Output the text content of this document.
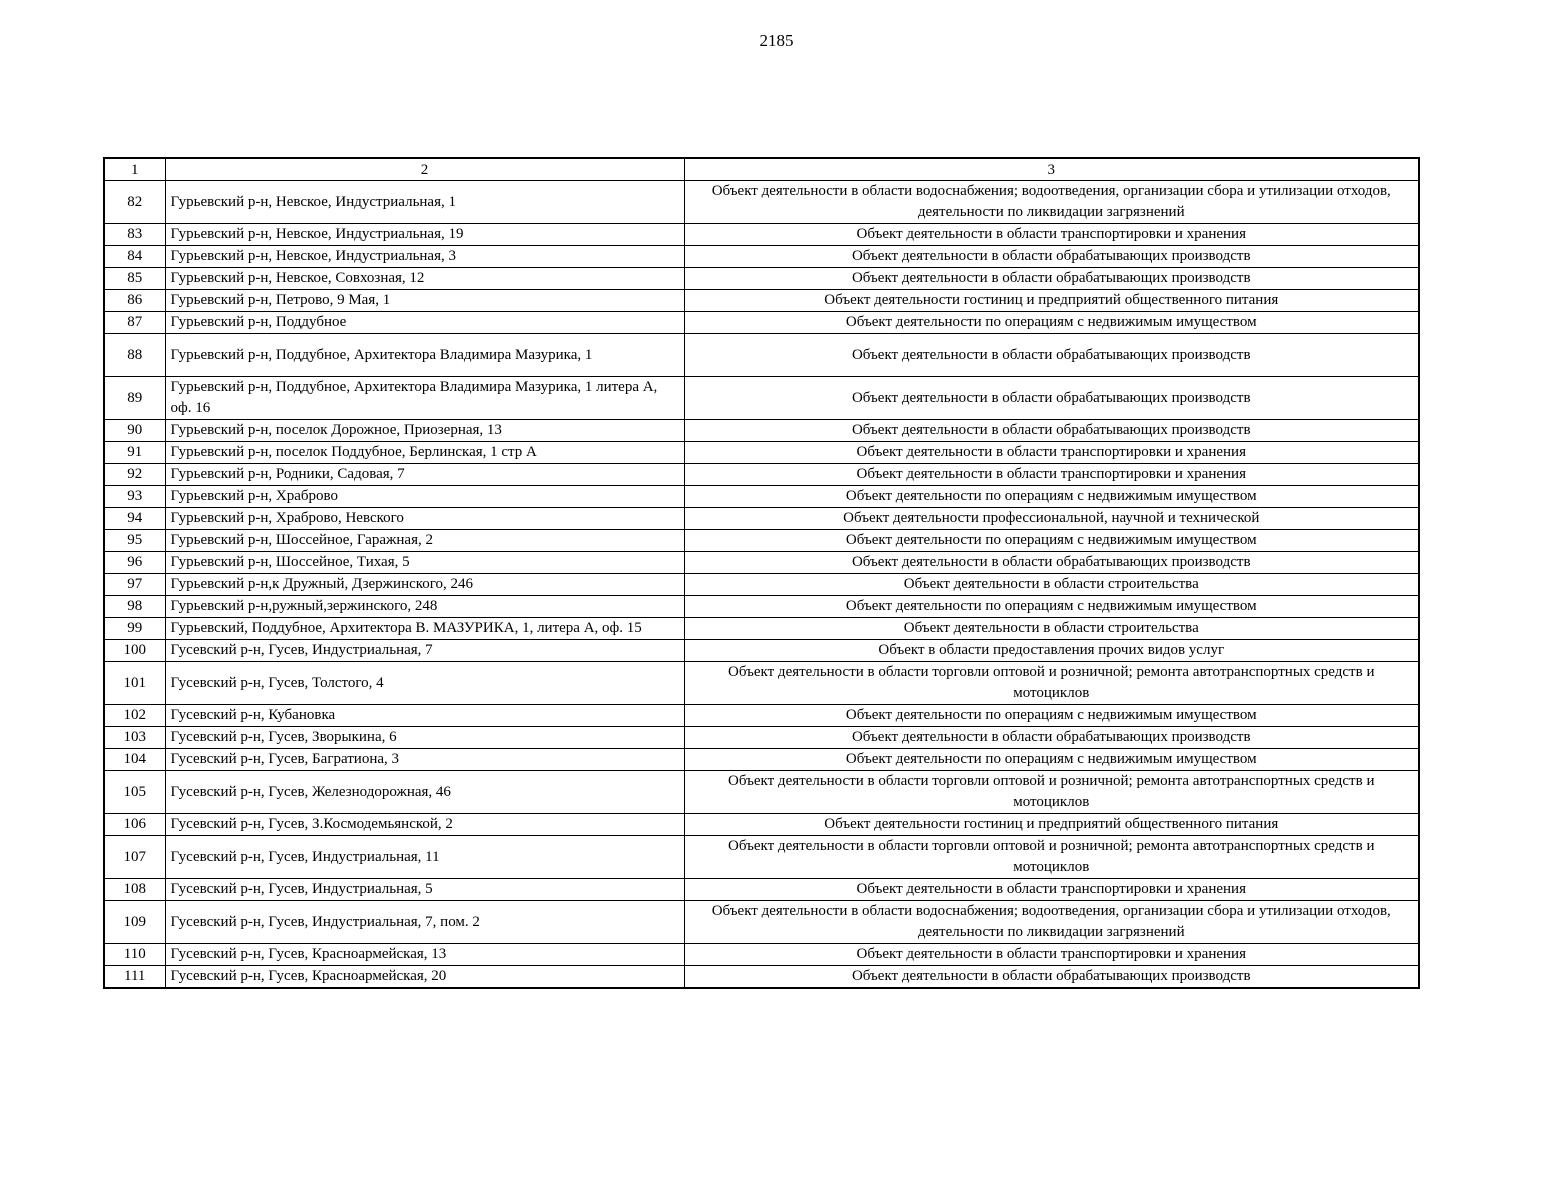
2185
1	2	3
82	Гурьевский р-н, Невское, Индустриальная, 1	Объект деятельности в области водоснабжения; водоотведения, организации сбора и утилизации отходов, деятельности по ликвидации загрязнений
83	Гурьевский р-н, Невское, Индустриальная, 19	Объект деятельности в области транспортировки и хранения
84	Гурьевский р-н, Невское, Индустриальная, 3	Объект деятельности в области обрабатывающих производств
85	Гурьевский р-н, Невское, Совхозная, 12	Объект деятельности в области обрабатывающих производств
86	Гурьевский р-н, Петрово, 9 Мая, 1	Объект деятельности гостиниц и предприятий общественного питания
87	Гурьевский р-н, Поддубное	Объект деятельности по операциям с недвижимым имуществом
88	Гурьевский р-н, Поддубное, Архитектора Владимира Мазурика, 1	Объект деятельности в области обрабатывающих производств
89	Гурьевский р-н, Поддубное, Архитектора Владимира Мазурика, 1 литера А, оф. 16	Объект деятельности в области обрабатывающих производств
90	Гурьевский р-н, поселок Дорожное, Приозерная, 13	Объект деятельности в области обрабатывающих производств
91	Гурьевский р-н, поселок Поддубное, Берлинская, 1 стр А	Объект деятельности в области транспортировки и хранения
92	Гурьевский р-н, Родники, Садовая, 7	Объект деятельности в области транспортировки и хранения
93	Гурьевский р-н, Храброво	Объект деятельности по операциям с недвижимым имуществом
94	Гурьевский р-н, Храброво, Невского	Объект деятельности профессиональной, научной и технической
95	Гурьевский р-н, Шоссейное, Гаражная, 2	Объект деятельности по операциям с недвижимым имуществом
96	Гурьевский р-н, Шоссейное, Тихая, 5	Объект деятельности в области обрабатывающих производств
97	Гурьевский р-н,к Дружный, Дзержинского, 246	Объект деятельности в области строительства
98	Гурьевский р-н,ружный,зержинского, 248	Объект деятельности по операциям с недвижимым имуществом
99	Гурьевский, Поддубное, Архитектора В. МАЗУРИКА, 1, литера А, оф. 15	Объект деятельности в области строительства
100	Гусевский р-н, Гусев, Индустриальная, 7	Объект в области предоставления прочих видов услуг
101	Гусевский р-н, Гусев, Толстого, 4	Объект деятельности в области торговли оптовой и розничной; ремонта автотранспортных средств и мотоциклов
102	Гусевский р-н, Кубановка	Объект деятельности по операциям с недвижимым имуществом
103	Гусевский р-н, Гусев, Зворыкина, 6	Объект деятельности в области обрабатывающих производств
104	Гусевский р-н, Гусев, Багратиона, 3	Объект деятельности по операциям с недвижимым имуществом
105	Гусевский р-н, Гусев, Железнодорожная, 46	Объект деятельности в области торговли оптовой и розничной; ремонта автотранспортных средств и мотоциклов
106	Гусевский р-н, Гусев, З.Космодемьянской, 2	Объект деятельности гостиниц и предприятий общественного питания
107	Гусевский р-н, Гусев, Индустриальная, 11	Объект деятельности в области торговли оптовой и розничной; ремонта автотранспортных средств и мотоциклов
108	Гусевский р-н, Гусев, Индустриальная, 5	Объект деятельности в области транспортировки и хранения
109	Гусевский р-н, Гусев, Индустриальная, 7, пом. 2	Объект деятельности в области водоснабжения; водоотведения, организации сбора и утилизации отходов, деятельности по ликвидации загрязнений
110	Гусевский р-н, Гусев, Красноармейская, 13	Объект деятельности в области транспортировки и хранения
111	Гусевский р-н, Гусев, Красноармейская, 20	Объект деятельности в области обрабатывающих производств
